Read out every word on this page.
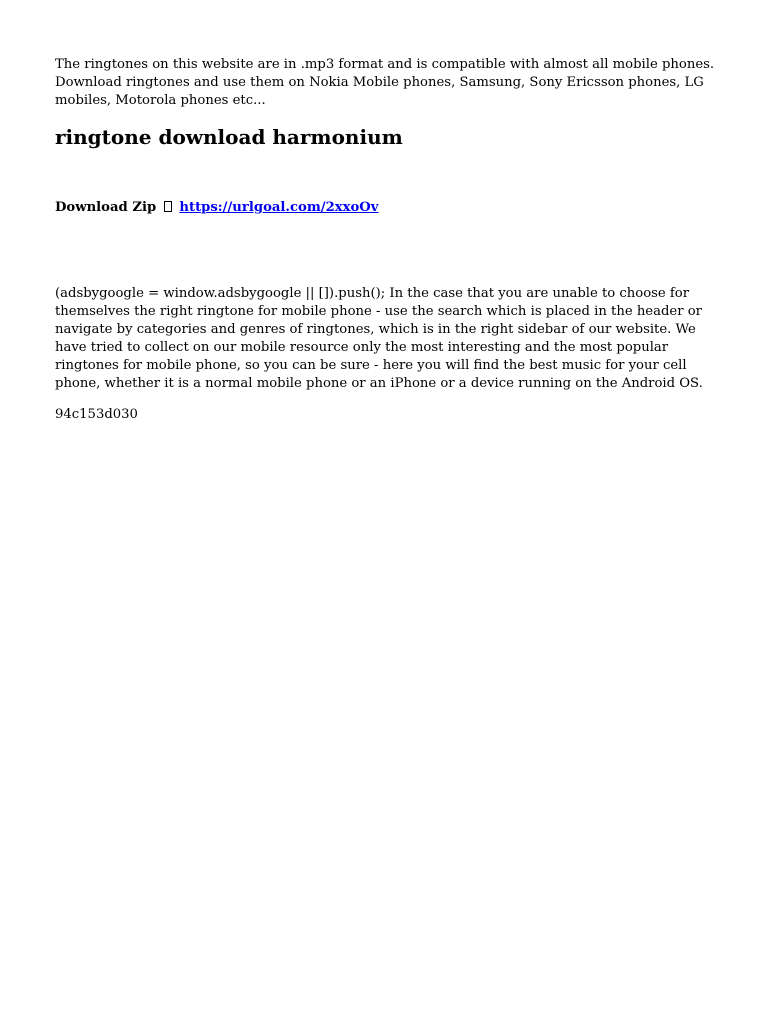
The ringtones on this website are in .mp3 format and is compatible with almost all mobile phones. Download ringtones and use them on Nokia Mobile phones, Samsung, Sony Ericsson phones, LG mobiles, Motorola phones etc...

ringtone download harmonium

Download Zip https://urlgoal.com/2xxoOv

(adsbygoogle = window.adsbygoogle || []).push(); In the case that you are unable to choose for themselves the right ringtone for mobile phone - use the search which is placed in the header or navigate by categories and genres of ringtones, which is in the right sidebar of our website. We have tried to collect on our mobile resource only the most interesting and the most popular ringtones for mobile phone, so you can be sure - here you will find the best music for your cell phone, whether it is a normal mobile phone or an iPhone or a device running on the Android OS.

94c153d030
